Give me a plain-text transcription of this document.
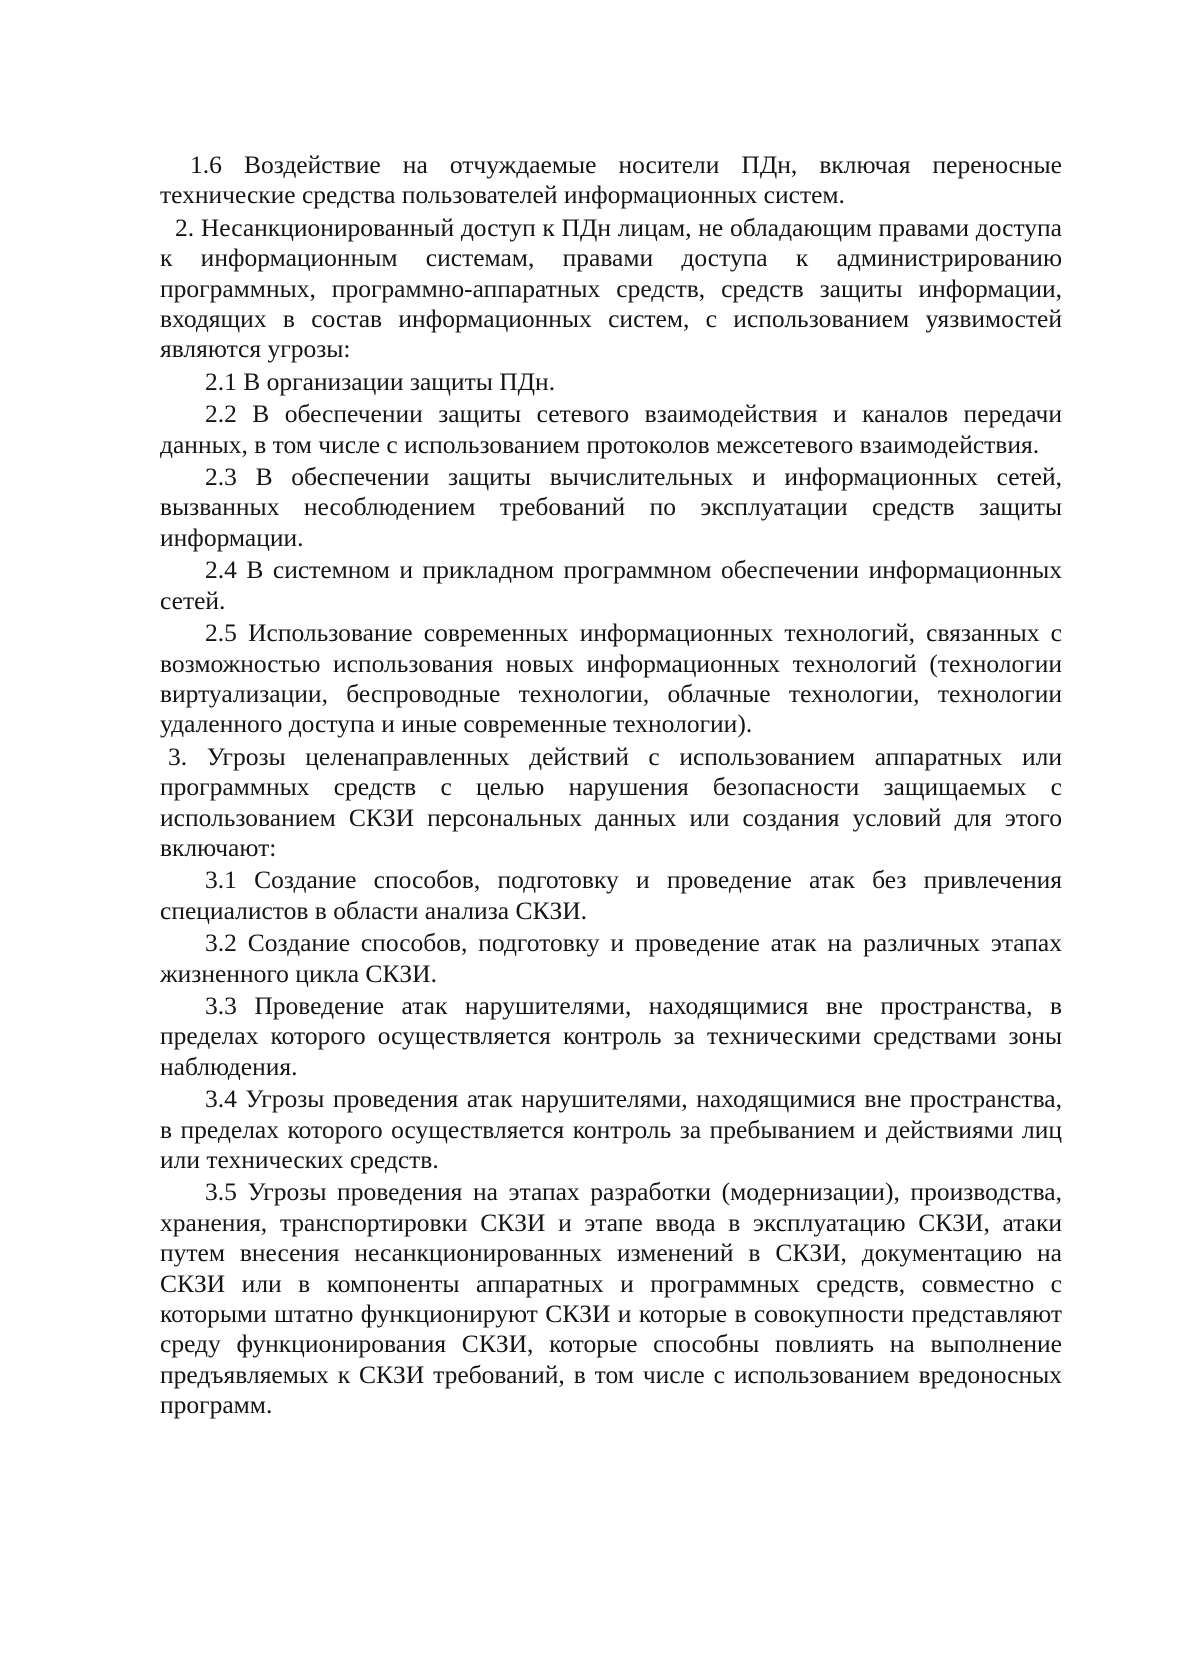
1.6 Воздействие на отчуждаемые носители ПДн, включая переносные технические средства пользователей информационных систем.

2. Несанкционированный доступ к ПДн лицам, не обладающим правами доступа к информационным системам, правами доступа к администрированию программных, программно-аппаратных средств, средств защиты информации, входящих в состав информационных систем, с использованием уязвимостей являются угрозы:

2.1 В организации защиты ПДн.

2.2 В обеспечении защиты сетевого взаимодействия и каналов передачи данных, в том числе с использованием протоколов межсетевого взаимодействия.

2.3 В обеспечении защиты вычислительных и информационных сетей, вызванных несоблюдением требований по эксплуатации средств защиты информации.

2.4 В системном и прикладном программном обеспечении информационных сетей.

2.5 Использование современных информационных технологий, связанных с возможностью использования новых информационных технологий (технологии виртуализации, беспроводные технологии, облачные технологии, технологии удаленного доступа и иные современные технологии).

3. Угрозы целенаправленных действий с использованием аппаратных или программных средств с целью нарушения безопасности защищаемых с использованием СКЗИ персональных данных или создания условий для этого включают:

3.1 Создание способов, подготовку и проведение атак без привлечения специалистов в области анализа СКЗИ.

3.2 Создание способов, подготовку и проведение атак на различных этапах жизненного цикла СКЗИ.

3.3 Проведение атак нарушителями, находящимися вне пространства, в пределах которого осуществляется контроль за техническими средствами зоны наблюдения.

3.4 Угрозы проведения атак нарушителями, находящимися вне пространства, в пределах которого осуществляется контроль за пребыванием и действиями лиц или технических средств.

3.5 Угрозы проведения на этапах разработки (модернизации), производства, хранения, транспортировки СКЗИ и этапе ввода в эксплуатацию СКЗИ, атаки путем внесения несанкционированных изменений в СКЗИ, документацию на СКЗИ или в компоненты аппаратных и программных средств, совместно с которыми штатно функционируют СКЗИ и которые в совокупности представляют среду функционирования СКЗИ, которые способны повлиять на выполнение предъявляемых к СКЗИ требований, в том числе с использованием вредоносных программ.
